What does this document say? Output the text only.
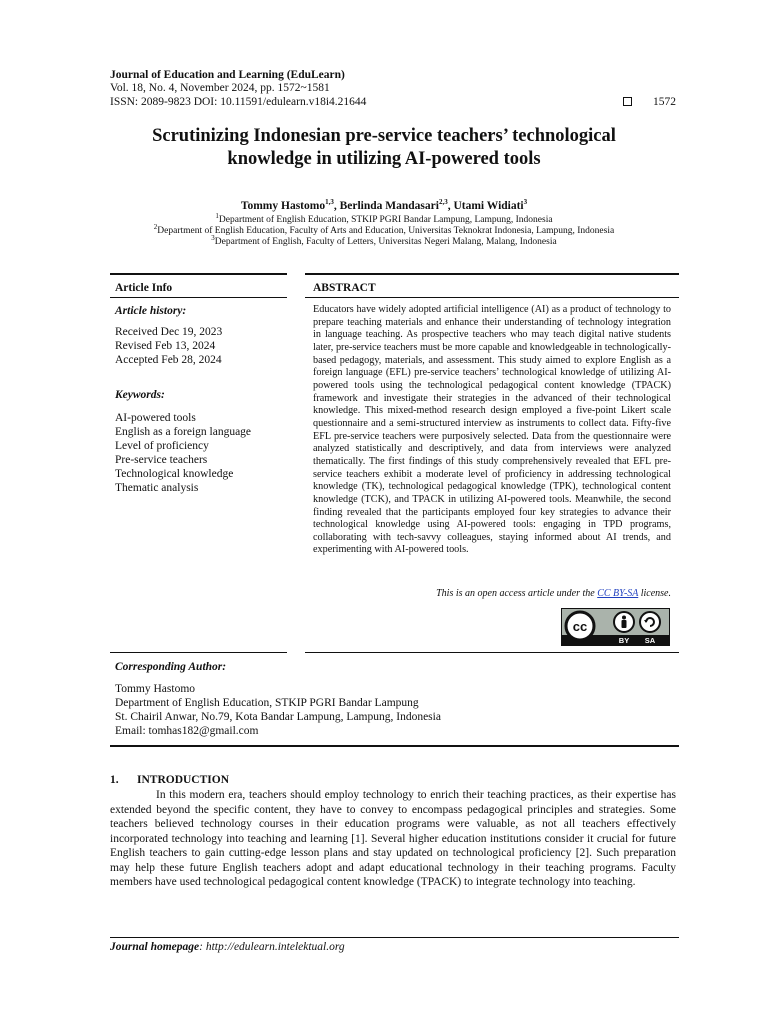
Journal of Education and Learning (EduLearn)
Vol. 18, No. 4, November 2024, pp. 1572~1581
ISSN: 2089-9823 DOI: 10.11591/edulearn.v18i4.21644	1572
Scrutinizing Indonesian pre-service teachers’ technological
knowledge in utilizing AI-powered tools
Tommy Hastomo$^{1,3}$, Berlinda Mandasari$^{2,3}$, Utami Widiati$^3$
$^1$Department of English Education, STKIP PGRI Bandar Lampung, Lampung, Indonesia
$^2$Department of English Education, Faculty of Arts and Education, Universitas Teknokrat Indonesia, Lampung, Indonesia
$^3$Department of English, Faculty of Letters, Universitas Negeri Malang, Malang, Indonesia
Article Info
Article history:
Received Dec 19, 2023
Revised Feb 13, 2024
Accepted Feb 28, 2024
Keywords:
AI-powered tools
English as a foreign language
Level of proficiency
Pre-service teachers
Technological knowledge
Thematic analysis
ABSTRACT
Educators have widely adopted artificial intelligence (AI) as a product of technology to prepare teaching materials and enhance their understanding of technology integration in language teaching. As prospective teachers who may teach digital native students later, pre-service teachers must be more capable and knowledgeable in technologically-based pedagogy, materials, and assessment. This study aimed to explore English as a foreign language (EFL) pre-service teachers’ technological knowledge of utilizing AI-powered tools using the technological pedagogical content knowledge (TPACK) framework and investigate their strategies in the advanced of their technological knowledge. This mixed-method research design employed a five-point Likert scale questionnaire and a semi-structured interview as instruments to collect data. Fifty-five EFL pre-service teachers were purposively selected. Data from the questionnaire were analyzed statistically and descriptively, and data from interviews were analyzed thematically. The first findings of this study comprehensively revealed that EFL pre-service teachers exhibit a moderate level of proficiency in addressing technological knowledge (TK), technological pedagogical knowledge (TPK), technological content knowledge (TCK), and TPACK in utilizing AI-powered tools. Meanwhile, the second finding revealed that the participants employed four key strategies to advance their technological knowledge using AI-powered tools: engaging in TPD programs, collaborating with tech-savvy colleagues, staying informed about AI trends, and experimenting with AI-powered tools.
This is an open access article under the CC BY-SA license.
cc
BY SA
Corresponding Author:
Tommy Hastomo
Department of English Education, STKIP PGRI Bandar Lampung
St. Chairil Anwar, No.79, Kota Bandar Lampung, Lampung, Indonesia
Email: tomhas182@gmail.com
1. INTRODUCTION
In this modern era, teachers should employ technology to enrich their teaching practices, as their expertise has extended beyond the specific content, they have to convey to encompass pedagogical principles and strategies. Some teachers believed technology courses in their education programs were valuable, as not all teachers effectively incorporated technology into teaching and learning [1]. Several higher education institutions consider it crucial for future English teachers to gain cutting-edge lesson plans and stay updated on technological proficiency [2]. Such preparation may help these future English teachers adopt and adapt educational technology in their teaching programs. Faculty members have used technological pedagogical content knowledge (TPACK) to integrate technology into teaching.
Journal homepage: http://edulearn.intelektual.org
